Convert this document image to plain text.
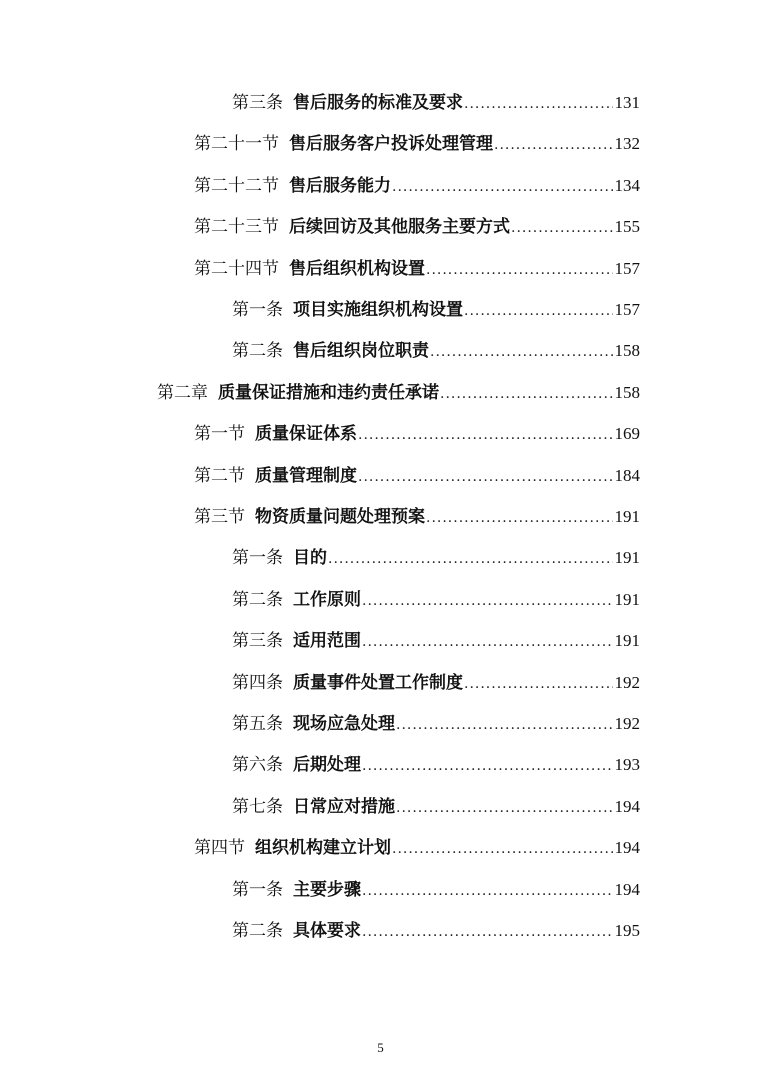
第三条 售后服务的标准及要求 .....	131
第二十一节 售后服务客户投诉处理管理 .....	132
第二十二节 售后服务能力 .....	134
第二十三节 后续回访及其他服务主要方式 .....	155
第二十四节 售后组织机构设置 .....	157
第一条 项目实施组织机构设置 .....	157
第二条 售后组织岗位职责 .....	158
第二章 质量保证措施和违约责任承诺 .....	158
第一节 质量保证体系 .....	169
第二节 质量管理制度 .....	184
第三节 物资质量问题处理预案 .....	191
第一条 目的 .....	191
第二条 工作原则 .....	191
第三条 适用范围 .....	191
第四条 质量事件处置工作制度 .....	192
第五条 现场应急处理 .....	192
第六条 后期处理 .....	193
第七条 日常应对措施 .....	194
第四节 组织机构建立计划 .....	194
第一条 主要步骤 .....	194
第二条 具体要求 .....	195
5
